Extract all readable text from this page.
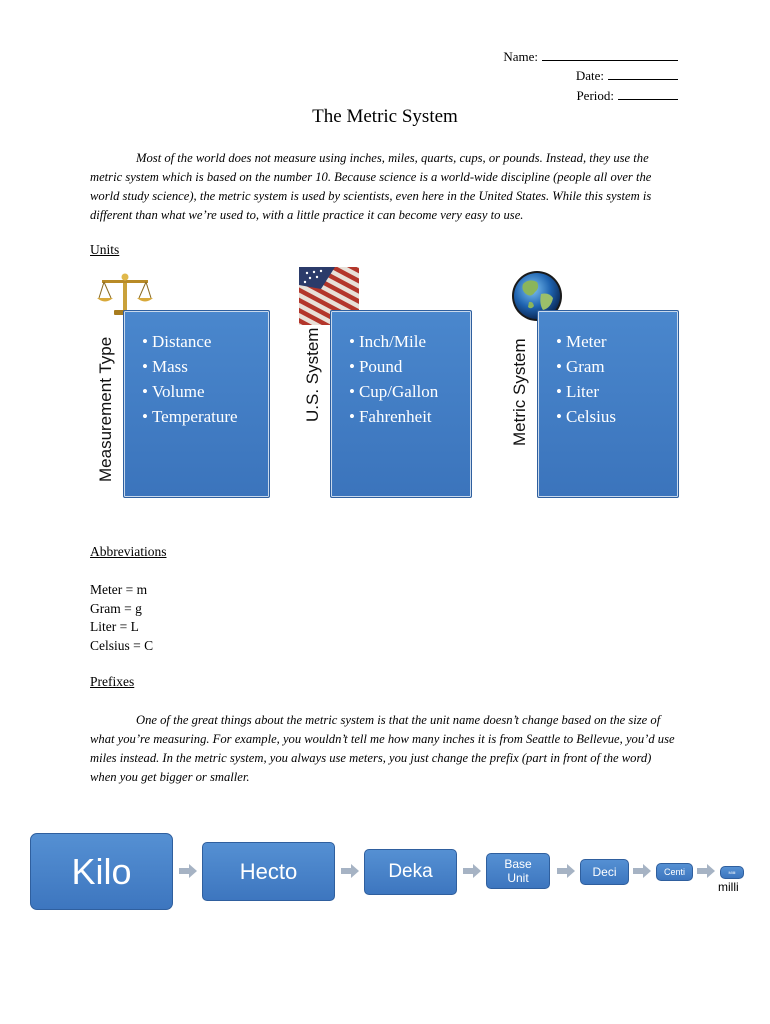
Name:
Date:
Period:
The Metric System
Most of the world does not measure using inches, miles, quarts, cups, or pounds. Instead, they use the metric system which is based on the number 10. Because science is a world-wide discipline (people all over the world study science), the metric system is used by scientists, even here in the United States. While this system is different than what we’re used to, with a little practice it can become very easy to use.
Units
• Distance
• Mass
• Volume
• Temperature
• Inch/Mile
• Pound
• Cup/Gallon
• Fahrenheit
• Meter
• Gram
• Liter
• Celsius
Measurement Type	U.S. System	Metric System
Abbreviations
Meter = m
Gram = g
Liter = L
Celsius = C
Prefixes
One of the great things about the metric system is that the unit name doesn’t change based on the size of what you’re measuring. For example, you wouldn’t tell me how many inches it is from Seattle to Bellevue, you’d use miles instead. In the metric system, you always use meters, you just change the prefix (part in front of the word) when you get bigger or smaller.
Kilo	Hecto	Deka	Base Unit	Deci	Centi	Milli
milli
